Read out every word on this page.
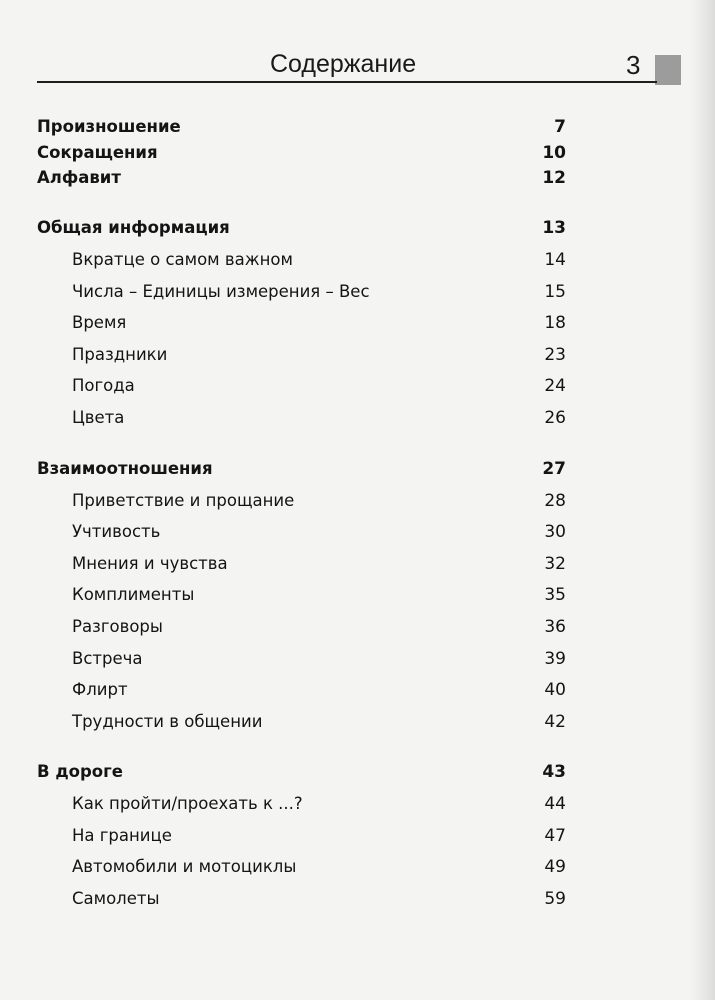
Содержание	3
Произношение	7
Сокращения	10
Алфавит	12
Общая информация	13
Вкратце о самом важном	14
Числа – Единицы измерения – Вес	15
Время	18
Праздники	23
Погода	24
Цвета	26
Взаимоотношения	27
Приветствие и прощание	28
Учтивость	30
Мнения и чувства	32
Комплименты	35
Разговоры	36
Встреча	39
Флирт	40
Трудности в общении	42
В дороге	43
Как пройти/проехать к ...?	44
На границе	47
Автомобили и мотоциклы	49
Самолеты	59
